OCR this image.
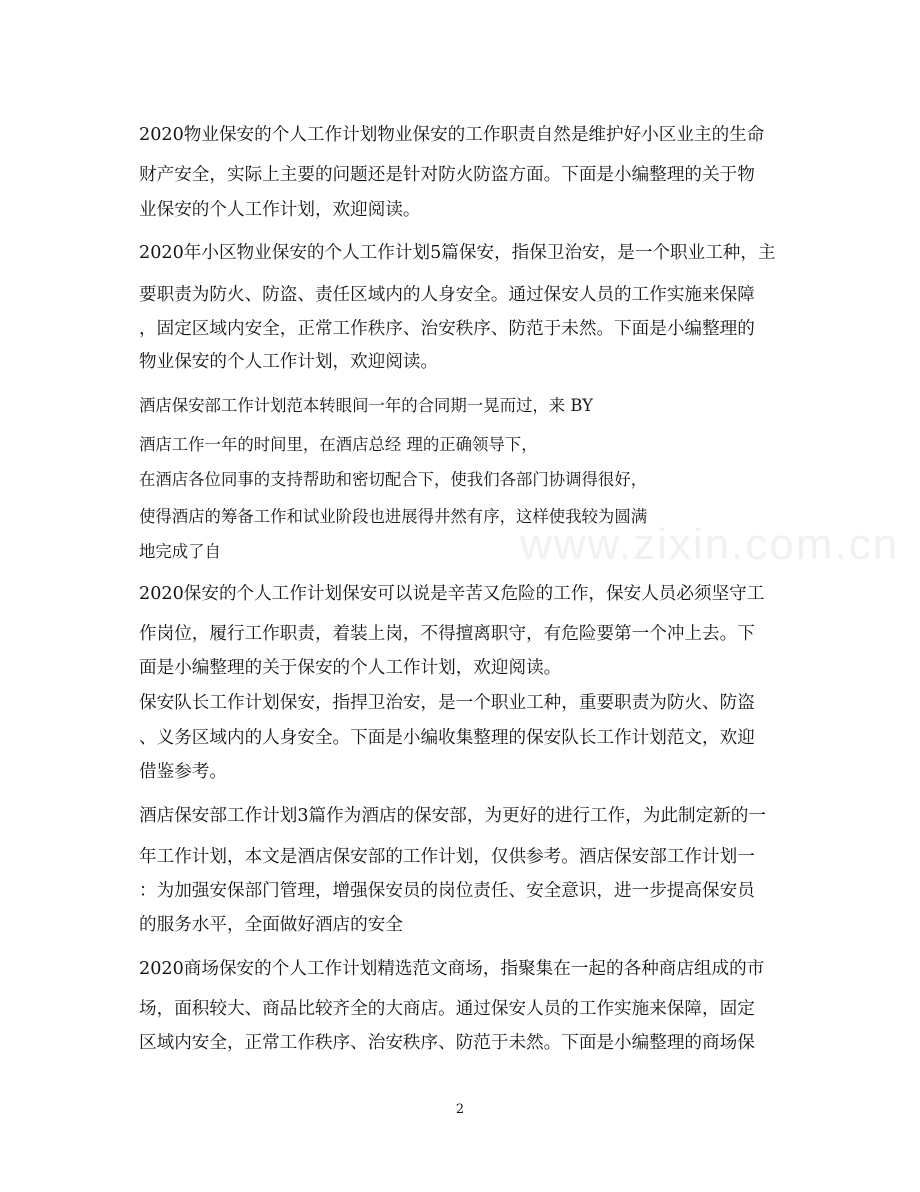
www.zixin.com.cn
2020物业保安的个人工作计划物业保安的工作职责自然是维护好小区业主的生命
财产安全，实际上主要的问题还是针对防火防盗方面。下面是小编整理的关于物
业保安的个人工作计划，欢迎阅读。
2020年小区物业保安的个人工作计划5篇保安，指保卫治安，是一个职业工种，主
要职责为防火、防盗、责任区域内的人身安全。通过保安人员的工作实施来保障
，固定区域内安全，正常工作秩序、治安秩序、防范于未然。下面是小编整理的
物业保安的个人工作计划，欢迎阅读。
酒店保安部工作计划范本转眼间一年的合同期一晃而过，来 BY
酒店工作一年的时间里，在酒店总经 理的正确领导下，
在酒店各位同事的支持帮助和密切配合下，使我们各部门协调得很好，
使得酒店的筹备工作和试业阶段也进展得井然有序，这样使我较为圆满
地完成了自
2020保安的个人工作计划保安可以说是辛苦又危险的工作，保安人员必须坚守工
作岗位，履行工作职责，着装上岗，不得擅离职守，有危险要第一个冲上去。下
面是小编整理的关于保安的个人工作计划，欢迎阅读。
保安队长工作计划保安，指捍卫治安，是一个职业工种，重要职责为防火、防盗
、义务区域内的人身安全。下面是小编收集整理的保安队长工作计划范文，欢迎
借鉴参考。
酒店保安部工作计划3篇作为酒店的保安部，为更好的进行工作，为此制定新的一
年工作计划，本文是酒店保安部的工作计划，仅供参考。酒店保安部工作计划一
：为加强安保部门管理，增强保安员的岗位责任、安全意识，进一步提高保安员
的服务水平，全面做好酒店的安全
2020商场保安的个人工作计划精选范文商场，指聚集在一起的各种商店组成的市
场，面积较大、商品比较齐全的大商店。通过保安人员的工作实施来保障，固定
区域内安全，正常工作秩序、治安秩序、防范于未然。下面是小编整理的商场保
2
